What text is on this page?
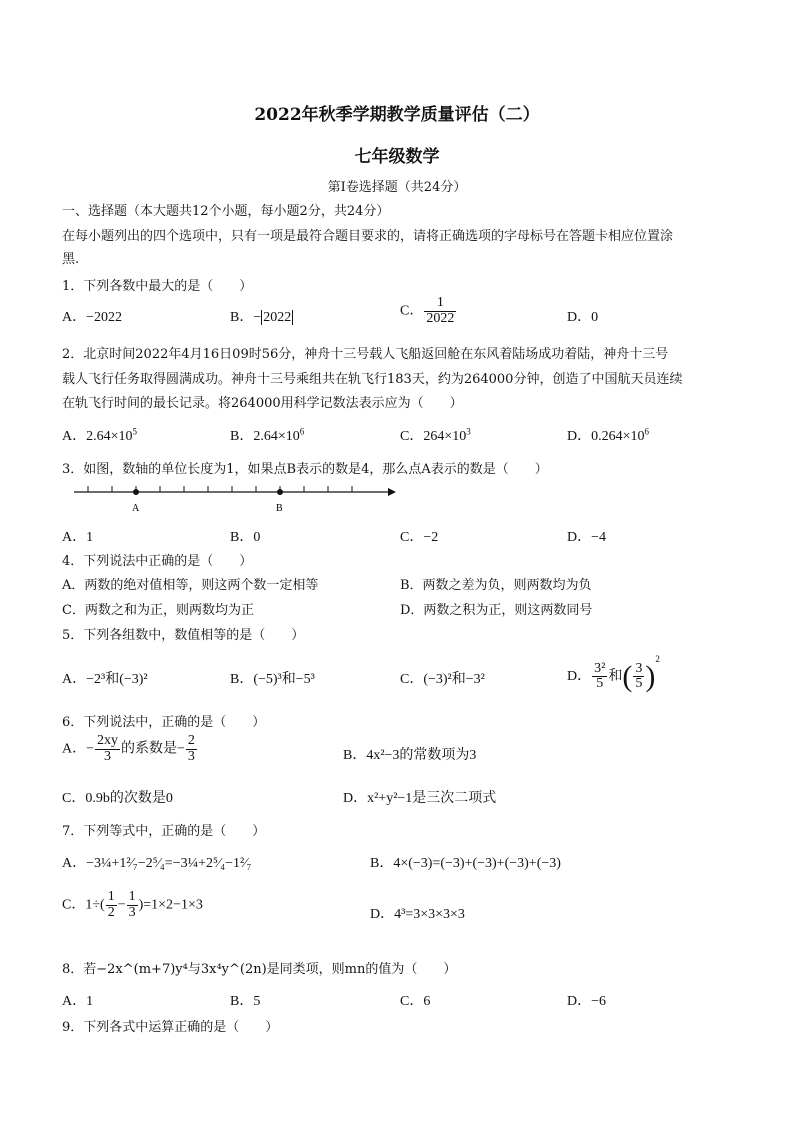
2022年秋季学期教学质量评估（二）
七年级数学
第I卷选择题（共24分）
一、选择题（本大题共12个小题，每小题2分，共24分）
在每小题列出的四个选项中，只有一项是最符合题目要求的，请将正确选项的字母标号在答题卡相应位置涂
黑.
1．下列各数中最大的是（　　）
A．−2022	B．− 2022	C． $\frac{1}{2022}$	D．0
2．北京时间2022年4月16日09时56分，神舟十三号载人飞船返回舱在东风着陆场成功着陆，神舟十三号
载人飞行任务取得圆满成功。神舟十三号乘组共在轨飞行183天，约为264000分钟，创造了中国航天员连续
在轨飞行时间的最长记录。将264000用科学记数法表示应为（　　）
A．$2.64\times 10^5$	B．$2.64\times 10^6$	C．$264\times 10^3$	D．$0.264\times 10^6$
3．如图，数轴的单位长度为1，如果点B表示的数是4，那么点A表示的数是（　　）
A	B
A．1	B．0	C．−2	D．−4
4．下列说法中正确的是（　　）
A．两数的绝对值相等，则这两个数一定相等	B．两数之差为负，则两数均为负
C．两数之和为正，则两数均为正	D．两数之积为正，则这两数同号
5．下列各组数中，数值相等的是（　　）
A．−2³和(−3)²	B．(−5)³和−5³	C．(−3)²和−3²	D． $\frac{\text{3²}}{5}$ 和( $\frac{3}{5} )^2$
6．下列说法中，正确的是（　　）
A．− $\frac{2xy}{3}$ 的系数是− $\frac{2}{3}$	B．4x²−3的常数项为3
C．0.9b的次数是0	D．x²+y²−1是三次二项式
7．下列等式中，正确的是（　　）
A．−3¼+1²⁄₇−2⁵⁄₄=−3¼+2⁵⁄₄−1²⁄₇	B．4×(−3)=(−3)+(−3)+(−3)+(−3)
C．$1\div( \frac{1}{2} - \frac{1}{3} )=1\times 2-1\times 3$
D．4³=3×3×3×3
8．若−2x^(m+7)y⁴与3x⁴y^(2n)是同类项，则mn的值为（　　）
A．1	B．5	C．6	D．−6
9．下列各式中运算正确的是（　　）
